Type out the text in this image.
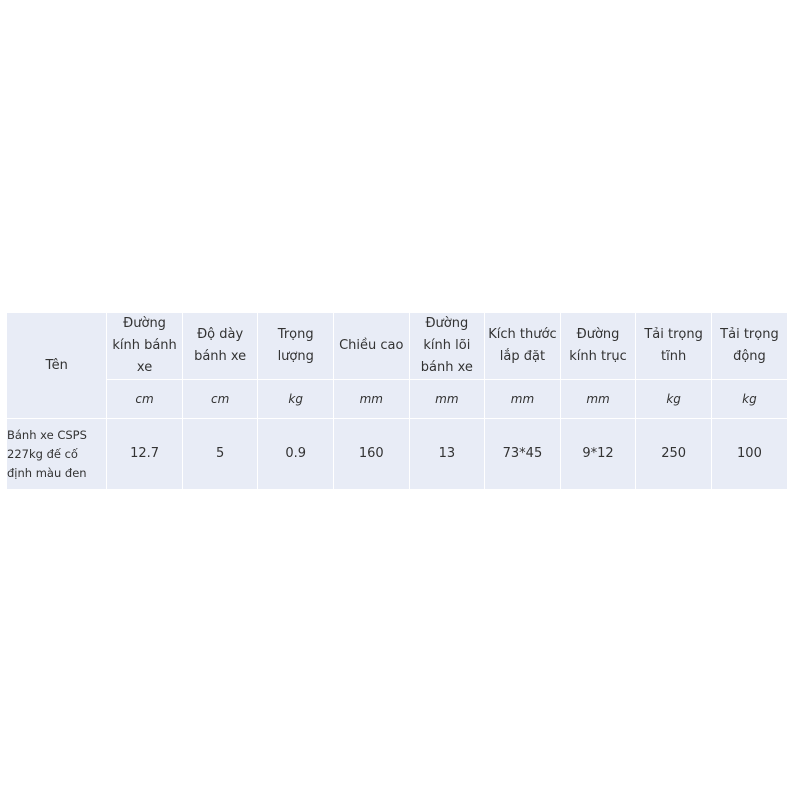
Tên	Đường kính bánh xe	Độ dày bánh xe	Trọng lượng	Chiều cao	Đường kính lõi bánh xe	Kích thước lắp đặt	Đường kính trục	Tải trọng tĩnh	Tải trọng động
	cm	cm	kg	mm	mm	mm	mm	kg	kg
Bánh xe CSPS 227kg đế cố định màu đen	12.7	5	0.9	160	13	73*45	9*12	250	100
